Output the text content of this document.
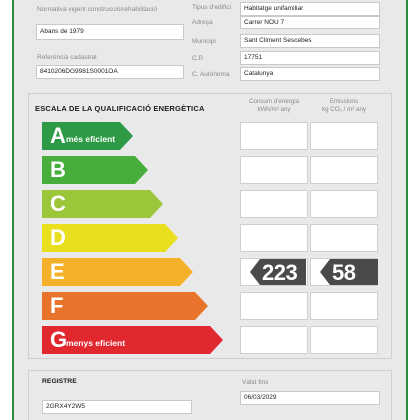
Normativa vigent construcció/rehabilitació
Abans de 1979
Referència cadastral
8410206DG9981S0001OA
Tipus d'edifici	Habitatge unifamiliar
Adreça	Carrer NOU 7
Municipi	Sant Climent Sescebes
C.P.	17751
C. Autònoma	Catalunya
ESCALA DE LA QUALIFICACIÓ ENERGÈTICA
Consum d'energia
kWh/m² any
Emissions
kg CO₂ / m² any
A més eficient
B
C
D
E	223 58
F
G
menys eficient
REGISTRE
2GRX4Y2W5
Vàlid fins
06/03/2029
